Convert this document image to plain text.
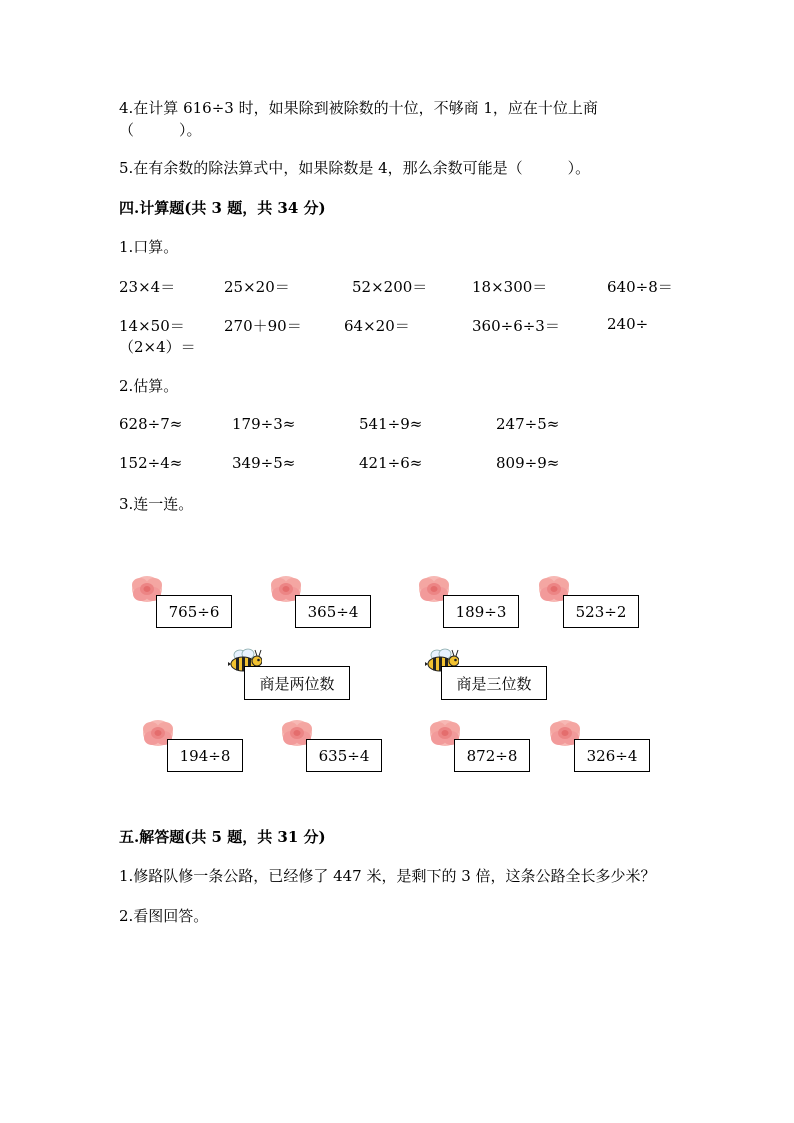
4.在计算 616÷3 时，如果除到被除数的十位，不够商 1，应在十位上商
（　　　）。
5.在有余数的除法算式中，如果除数是 4，那么余数可能是（　　　）。
四.计算题(共 3 题，共 34 分)
1.口算。
23×4＝	25×20＝	52×200＝	18×300＝	640÷8＝
14×50＝	270＋90＝	64×20＝	360÷6÷3＝	240÷
（2×4）＝
2.估算。
628÷7≈	179÷3≈	541÷9≈	247÷5≈
152÷4≈	349÷5≈	421÷6≈	809÷9≈
3.连一连。
765÷6	365÷4	189÷3	523÷2
商是两位数	商是三位数
194÷8	635÷4	872÷8	326÷4
五.解答题(共 5 题，共 31 分)
1.修路队修一条公路，已经修了 447 米，是剩下的 3 倍，这条公路全长多少米？
2.看图回答。
